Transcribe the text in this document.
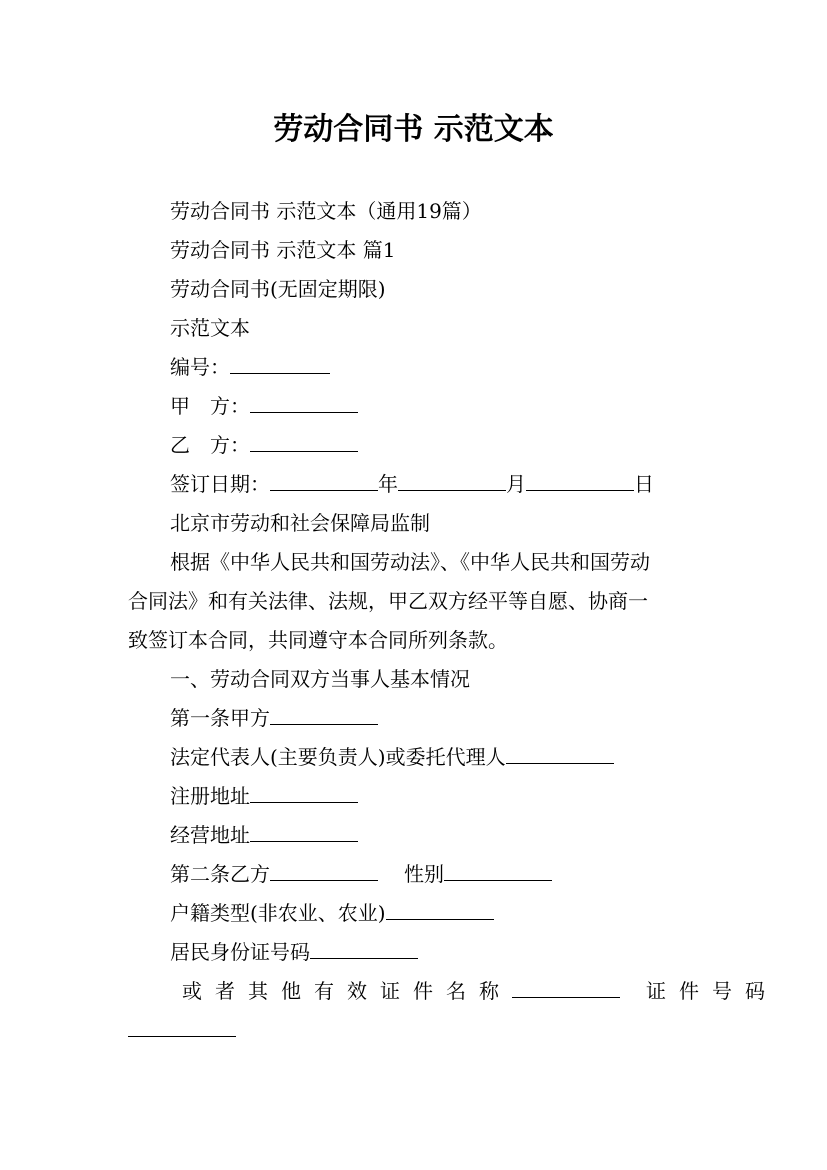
劳动合同书 示范文本
劳动合同书 示范文本（通用19篇）
劳动合同书 示范文本 篇1
劳动合同书(无固定期限)
示范文本
编号：
甲　方：
乙　方：
签订日期：	年	月	日
北京市劳动和社会保障局监制
根据《中华人民共和国劳动法》、《中华人民共和国劳动
合同法》和有关法律、法规，甲乙双方经平等自愿、协商一
致签订本合同，共同遵守本合同所列条款。
一、劳动合同双方当事人基本情况
第一条甲方
法定代表人(主要负责人)或委托代理人
注册地址
经营地址
第二条乙方	性别
户籍类型(非农业、农业)
居民身份证号码
或者其他有效证件名称	证件号码
